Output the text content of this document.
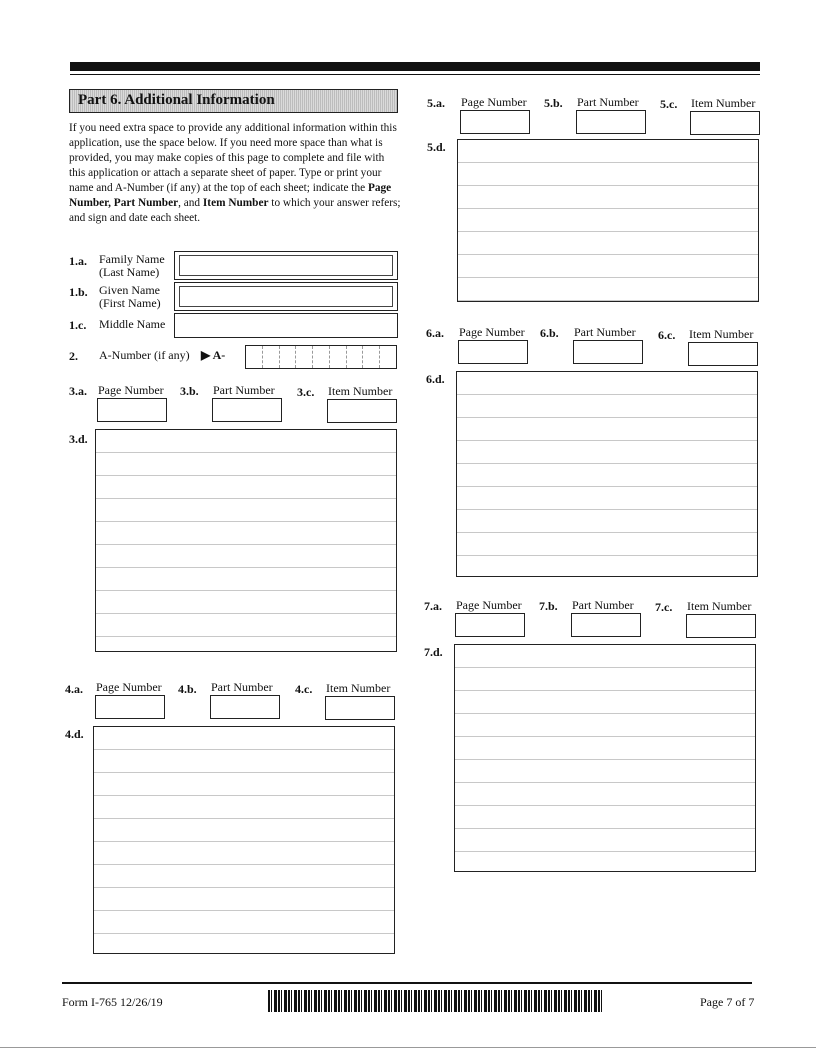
Part 6. Additional Information
If you need extra space to provide any additional information within this application, use the space below. If you need more space than what is provided, you may make copies of this page to complete and file with this application or attach a separate sheet of paper. Type or print your name and A-Number (if any) at the top of each sheet; indicate the Page Number, Part Number, and Item Number to which your answer refers; and sign and date each sheet.
1.a. Family Name
(Last Name)
1.b. Given Name
(First Name)
1.c. Middle Name
2. A-Number (if any) ▶ A-
3.a. Page Number 3.b. Part Number 3.c. Item Number
3.d.
4.a. Page Number 4.b. Part Number 4.c. Item Number
4.d.
5.a. Page Number 5.b. Part Number 5.c. Item Number
5.d.
6.a. Page Number 6.b. Part Number 6.c. Item Number
6.d.
7.a. Page Number 7.b. Part Number 7.c. Item Number
7.d.
Form I-765 12/26/19	Page 7 of 7
